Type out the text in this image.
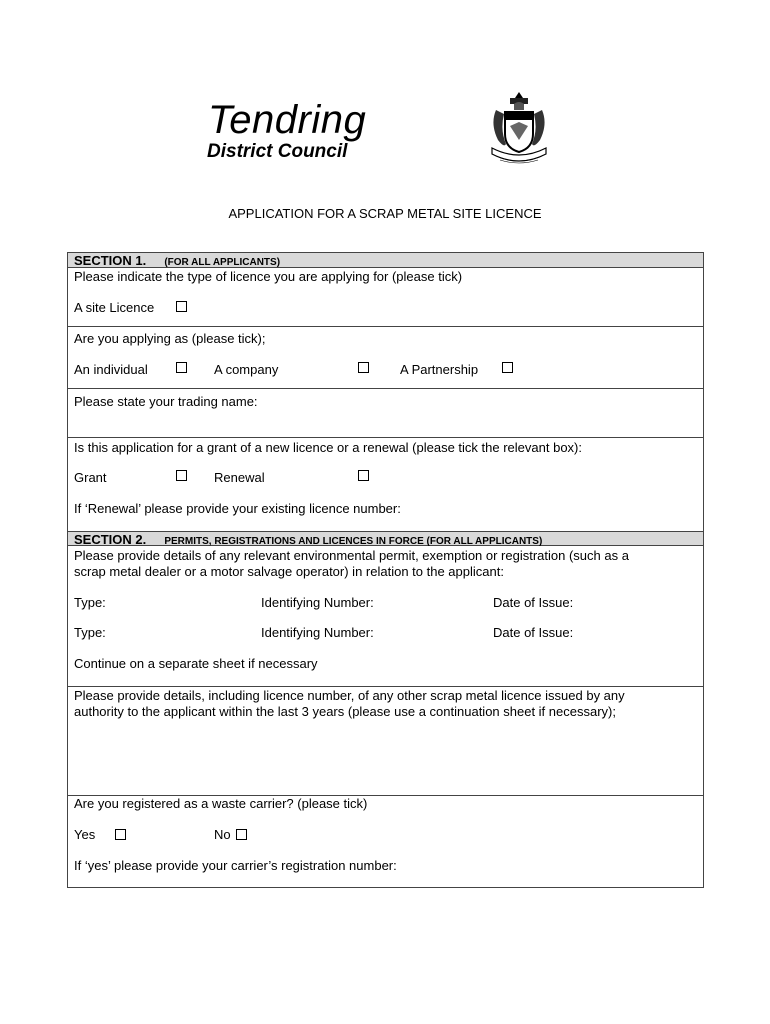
Tendring
District Council
APPLICATION FOR A SCRAP METAL SITE LICENCE
SECTION 1. (FOR ALL APPLICANTS)
Please indicate the type of licence you are applying for (please tick)
A site Licence
Are you applying as (please tick);
An individual	A company	A Partnership
Please state your trading name:
Is this application for a grant of a new licence or a renewal (please tick the relevant box):
Grant	Renewal
If ‘Renewal’ please provide your existing licence number:
SECTION 2. PERMITS, REGISTRATIONS AND LICENCES IN FORCE (FOR ALL APPLICANTS)
Please provide details of any relevant environmental permit, exemption or registration (such as a
scrap metal dealer or a motor salvage operator) in relation to the applicant:
Type:	Identifying Number:	Date of Issue:
Type:	Identifying Number:	Date of Issue:
Continue on a separate sheet if necessary
Please provide details, including licence number, of any other scrap metal licence issued by any
authority to the applicant within the last 3 years (please use a continuation sheet if necessary);
Are you registered as a waste carrier? (please tick)
Yes	No
If ‘yes’ please provide your carrier’s registration number:
